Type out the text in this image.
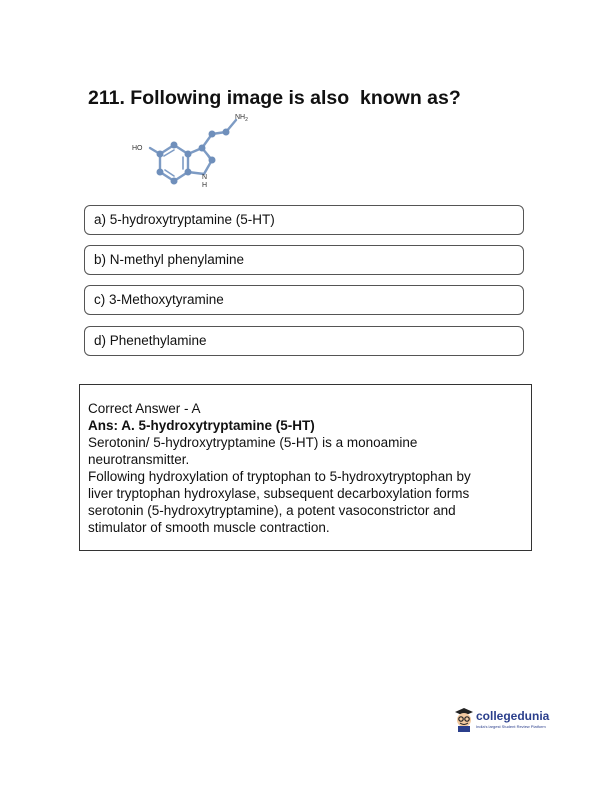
211. Following image is also  known as?
HO
$NH_2$
N
H
a) 5-hydroxytryptamine (5-HT)
b) N-methyl phenylamine
c) 3-Methoxytyramine
d) Phenethylamine
Correct Answer - A
Ans: A. 5-hydroxytryptamine (5-HT)
Serotonin/ 5-hydroxytryptamine (5-HT) is a monoamine
neurotransmitter.
Following hydroxylation of tryptophan to 5-hydroxytryptophan by
liver tryptophan hydroxylase, subsequent decarboxylation forms
serotonin (5-hydroxytryptamine), a potent vasoconstrictor and
stimulator of smooth muscle contraction.
collegedunia
India's largest Student Review Platform
